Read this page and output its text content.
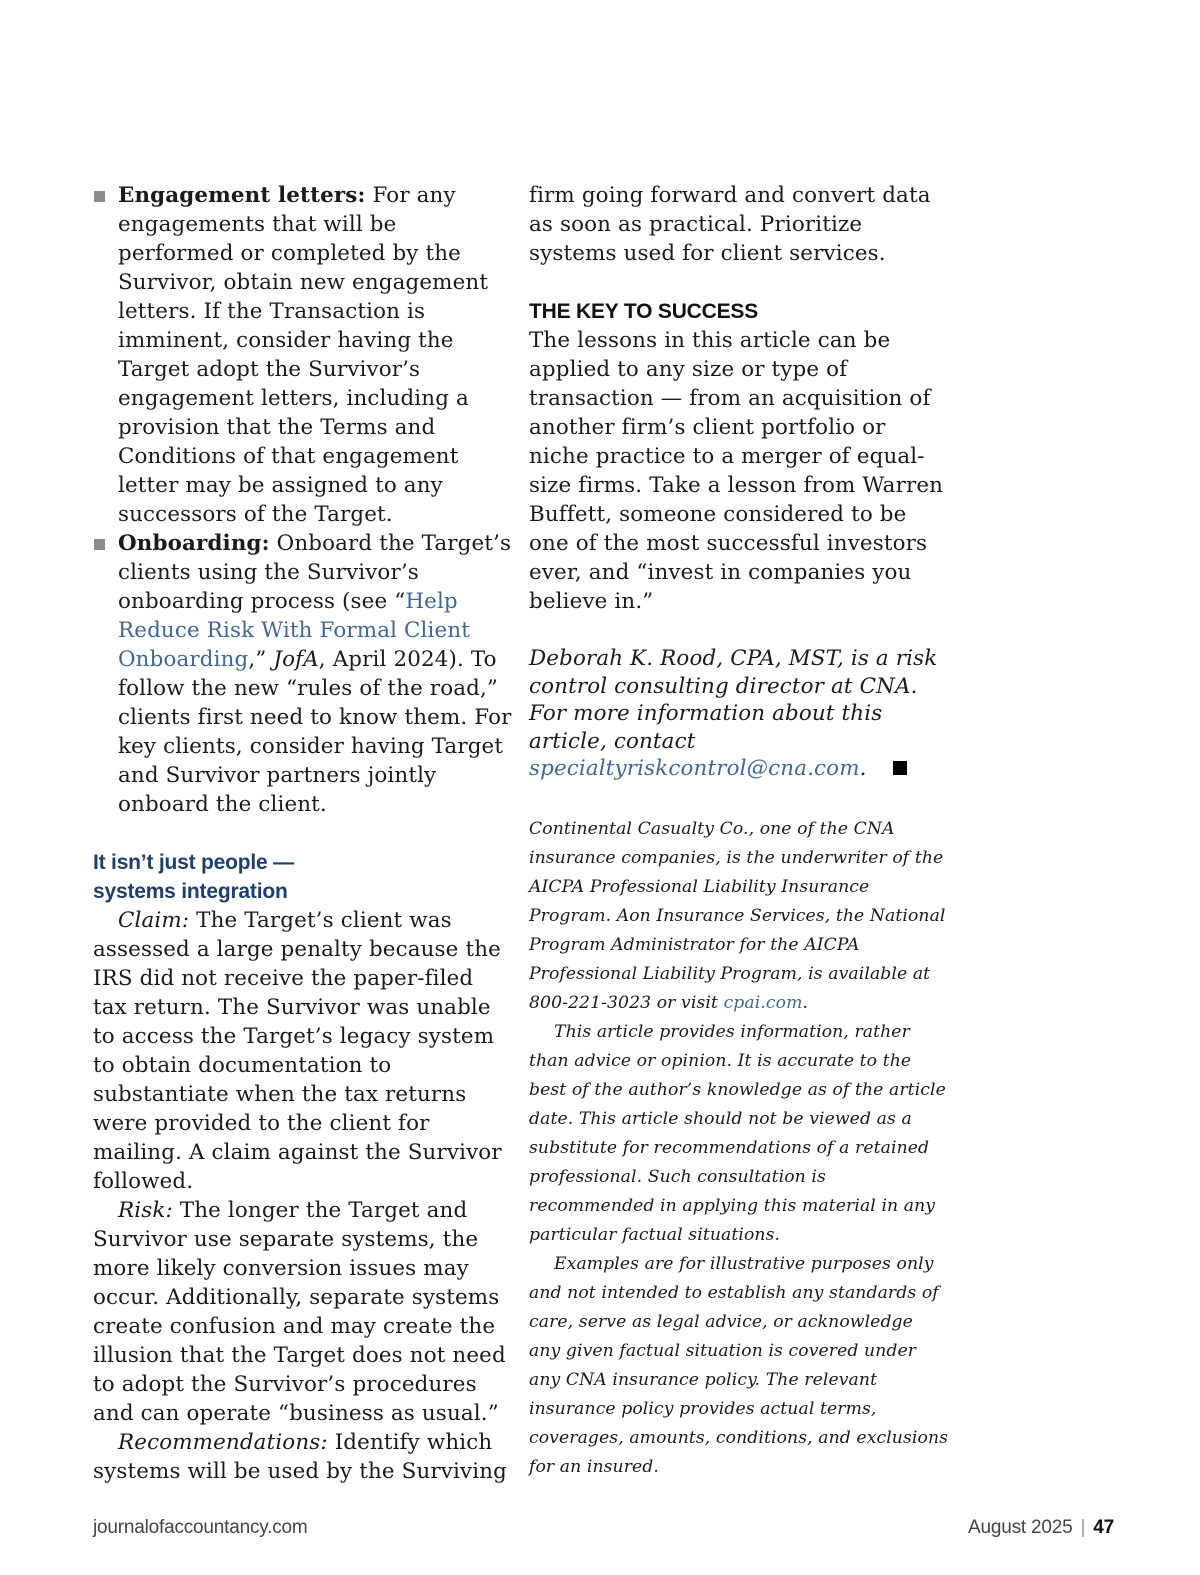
Engagement letters: For any engagements that will be performed or completed by the Survivor, obtain new engagement letters. If the Transaction is imminent, consider having the Target adopt the Survivor’s engagement letters, including a provision that the Terms and Conditions of that engagement letter may be assigned to any successors of the Target.

Onboarding: Onboard the Target’s clients using the Survivor’s onboarding process (see “Help Reduce Risk With Formal Client Onboarding,” JofA, April 2024). To follow the new “rules of the road,” clients first need to know them. For key clients, consider having Target and Survivor partners jointly onboard the client.

It isn’t just people —
systems integration

Claim: The Target’s client was assessed a large penalty because the IRS did not receive the paper-filed tax return. The Survivor was unable to access the Target’s legacy system to obtain documentation to substantiate when the tax returns were provided to the client for mailing. A claim against the Survivor followed.

Risk: The longer the Target and Survivor use separate systems, the more likely conversion issues may occur. Additionally, separate systems create confusion and may create the illusion that the Target does not need to adopt the Survivor’s procedures and can operate “business as usual.”

Recommendations: Identify which systems will be used by the Surviving

firm going forward and convert data as soon as practical. Prioritize systems used for client services.

THE KEY TO SUCCESS

The lessons in this article can be applied to any size or type of transaction — from an acquisition of another firm’s client portfolio or niche practice to a merger of equal-size firms. Take a lesson from Warren Buffett, someone considered to be one of the most successful investors ever, and “invest in companies you believe in.”

Deborah K. Rood, CPA, MST, is a risk control consulting director at CNA. For more information about this article, contact specialtyriskcontrol@cna.com.

Continental Casualty Co., one of the CNA insurance companies, is the underwriter of the AICPA Professional Liability Insurance Program. Aon Insurance Services, the National Program Administrator for the AICPA Professional Liability Program, is available at 800-221-3023 or visit cpai.com.

This article provides information, rather than advice or opinion. It is accurate to the best of the author’s knowledge as of the article date. This article should not be viewed as a substitute for recommendations of a retained professional. Such consultation is recommended in applying this material in any particular factual situations.

Examples are for illustrative purposes only and not intended to establish any standards of care, serve as legal advice, or acknowledge any given factual situation is covered under any CNA insurance policy. The relevant insurance policy provides actual terms, coverages, amounts, conditions, and exclusions for an insured.

journalofaccountancy.com	August 2025 | 47
